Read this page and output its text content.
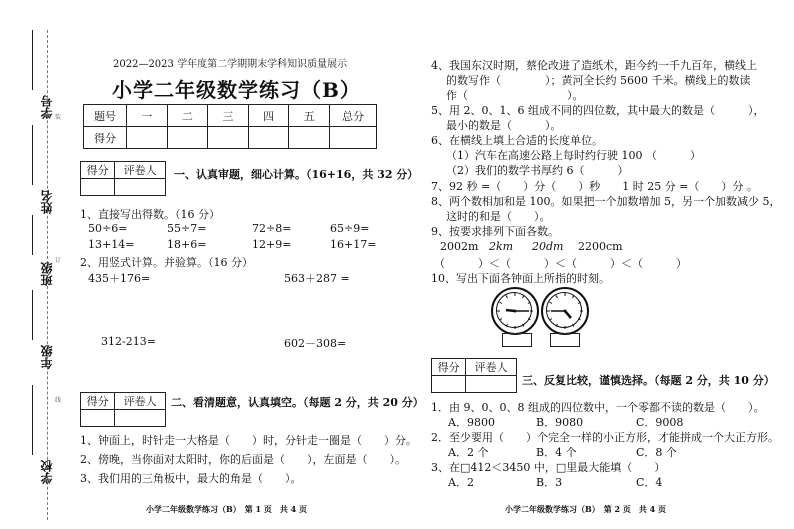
学号
姓名
班级
年级
学校
装
订
线
2022—2023 学年度第二学期期末学科知识质量展示
小学二年级数学练习（B）
题号	一	二	三	四	五	总分
得分						
得分	评卷人
	一、认真审题，细心计算。（16+16，共 32 分）
1、直接写出得数。（16 分）
50÷6=	55÷7=	72÷8=	65÷9=
13+14=	18+6=	12+9=	16+17=
2、用竖式计算。并验算。（16 分）
435＋176=	563＋287 =
312-213=	602－308=
得分	评卷人
	二、看清题意，认真填空。（每题 2 分，共 20 分）
1、钟面上，时针走一大格是（　　）时，分针走一圈是（　　）分。
2、傍晚，当你面对太阳时，你的后面是（　　），左面是（　　）。
3、我们用的三角板中，最大的角是（　　）。
小学二年级数学练习（B）　第 1 页　共 4 页
4、我国东汉时期，蔡伦改进了造纸术，距今约一千九百年，横线上
的数写作（　　　　）；黄河全长约 5600 千米。横线上的数读
作（　　　　　　　　　）。
5、用 2、0、1、6 组成不同的四位数，其中最大的数是（　　　），
最小的数是（　　　）。
6、在横线上填上合适的长度单位。
（1）汽车在高速公路上每时约行驶 100 （　　　）
（2）我们的数学书厚约 6（　　　）
7、92 秒 =（　　）分（　　）秒　　1 时 25 分 =（　　）分 。
8、两个数相加和是 100。如果把一个加数增加 5，另一个加数减少 5，
这时的和是（　　）。
9、按要求排列下面各数。
2002m 2km 20dm 2200cm
（　　　）＜（　　　）＜（　　　）＜（　　　）
10、写出下面各钟面上所指的时刻。
得分	评卷人

三、反复比较，谨慎选择。（每题 2 分，共 10 分）
1．由 9、0、0、8 组成的四位数中，一个零都不读的数是（　　）。
A．9800	B．9080	C．9008
2．至少要用（　　）个完全一样的小正方形，才能拼成一个大正方形。
A．2 个	B．4 个	C．8 个
3、在□412＜3450 中，□里最大能填（　　）
A．2	B．3	C．4
小学二年级数学练习（B）　第 2 页　共 4 页
